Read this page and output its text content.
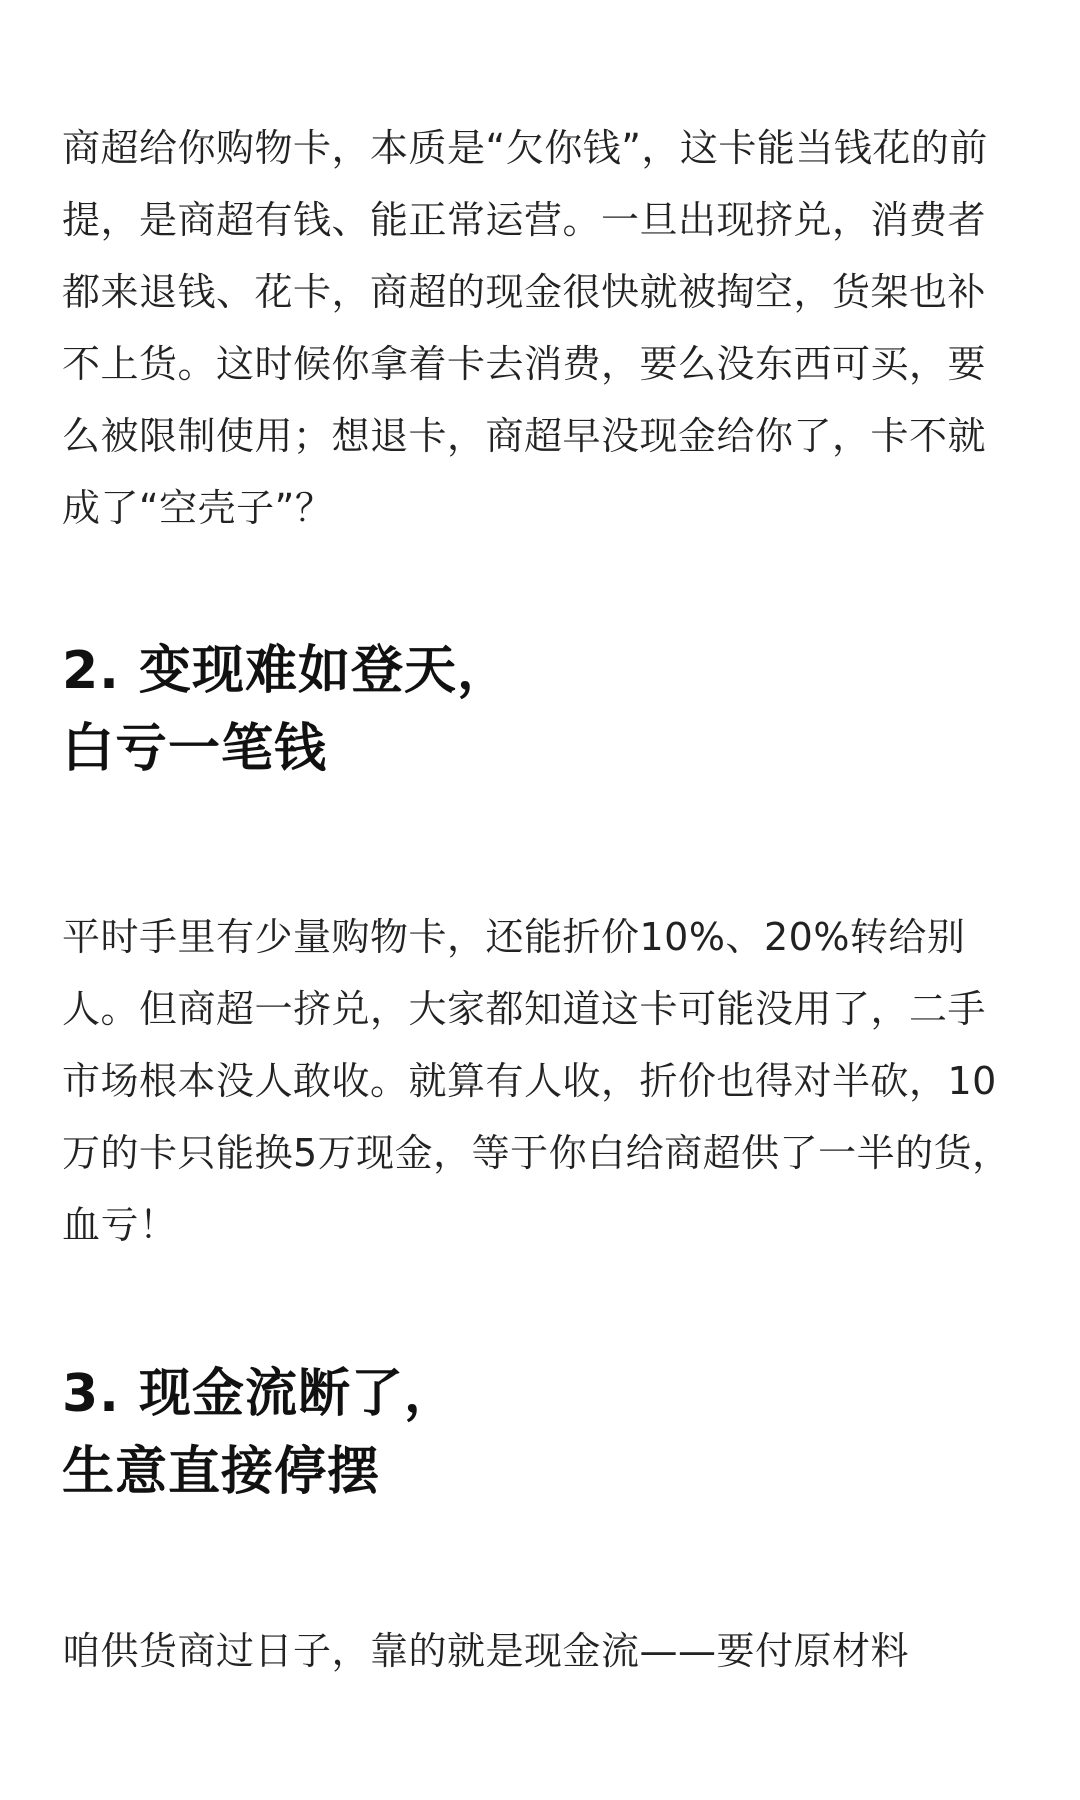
商超给你购物卡，本质是“欠你钱”，这卡能当钱花的前提，是商超有钱、能正常运营。一旦出现挤兑，消费者都来退钱、花卡，商超的现金很快就被掏空，货架也补不上货。这时候你拿着卡去消费，要么没东西可买，要么被限制使用；想退卡，商超早没现金给你了，卡不就成了“空壳子”？

2. 变现难如登天，
白亏一笔钱

平时手里有少量购物卡，还能折价10%、20%转给别人。但商超一挤兑，大家都知道这卡可能没用了，二手市场根本没人敢收。就算有人收，折价也得对半砍，10万的卡只能换5万现金，等于你白给商超供了一半的货，血亏！

3. 现金流断了，
生意直接停摆

咱供货商过日子，靠的就是现金流——要付原材料
